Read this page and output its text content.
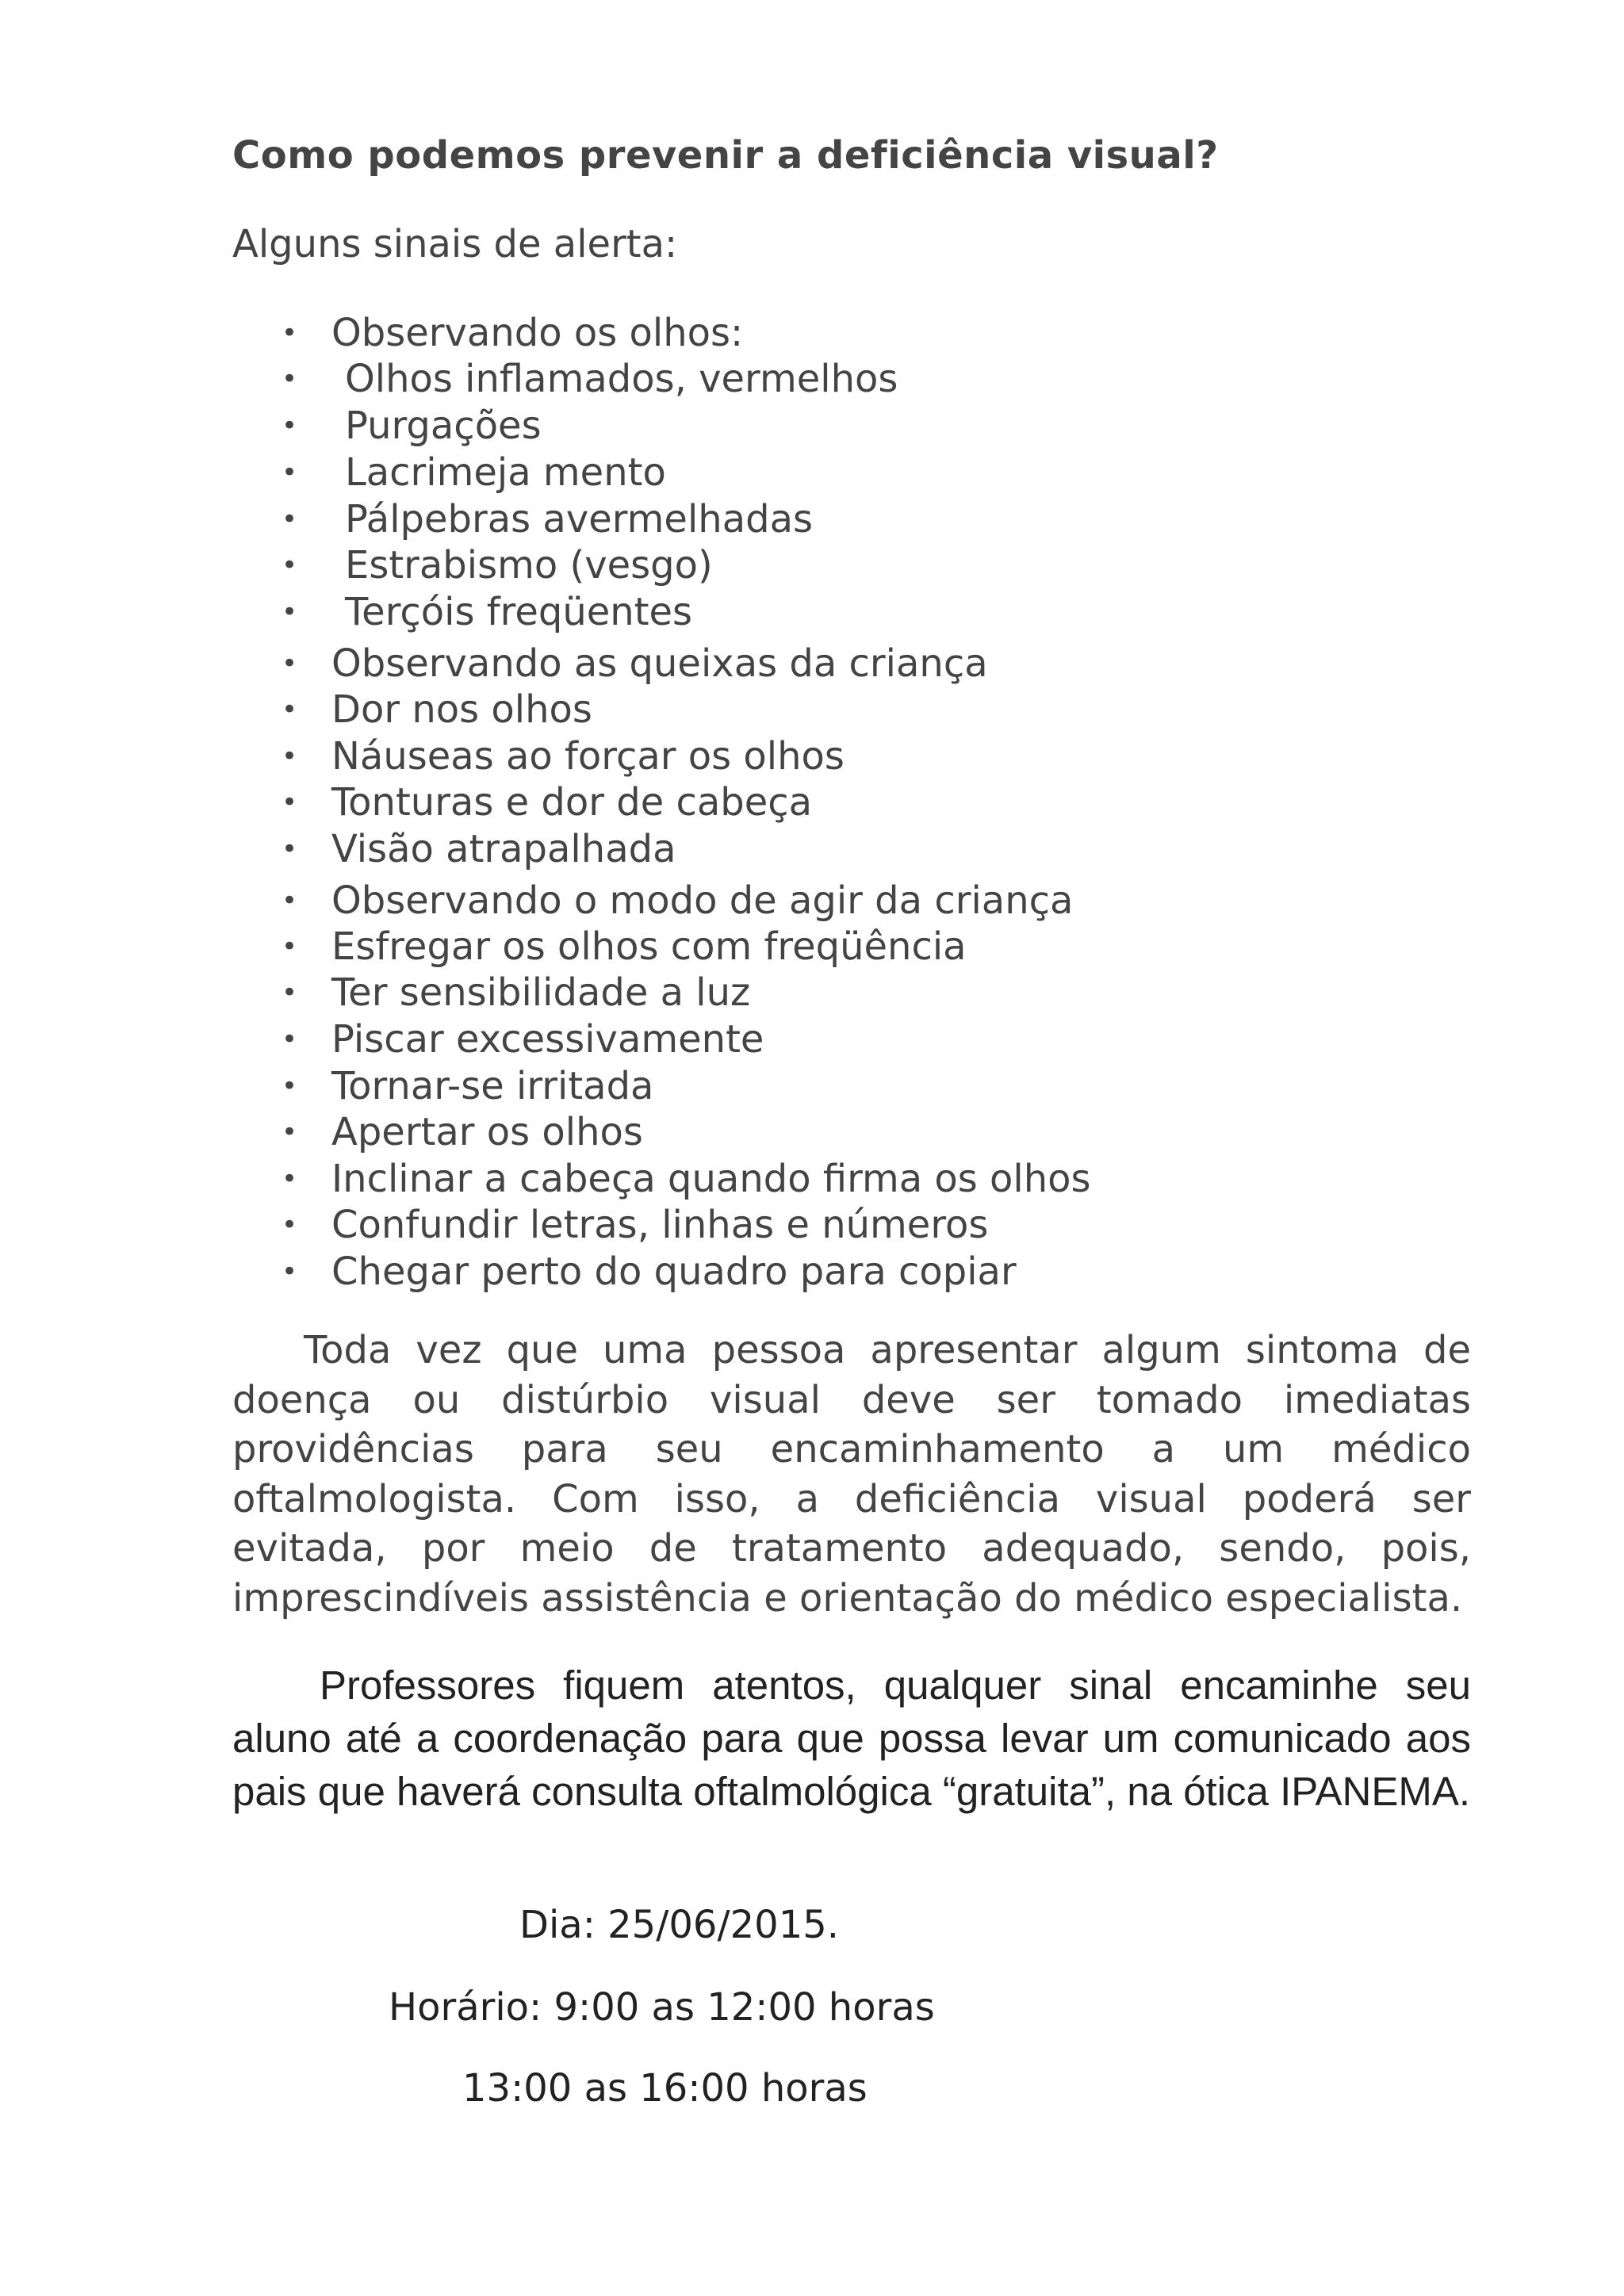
Como podemos prevenir a deficiência visual?

Alguns sinais de alerta:

• Observando os olhos:
• Olhos inflamados, vermelhos
• Purgações
• Lacrimeja mento
• Pálpebras avermelhadas
• Estrabismo (vesgo)
• Terçóis freqüentes
• Observando as queixas da criança
• Dor nos olhos
• Náuseas ao forçar os olhos
• Tonturas e dor de cabeça
• Visão atrapalhada
• Observando o modo de agir da criança
• Esfregar os olhos com freqüência
• Ter sensibilidade a luz
• Piscar excessivamente
• Tornar-se irritada
• Apertar os olhos
• Inclinar a cabeça quando firma os olhos
• Confundir letras, linhas e números
• Chegar perto do quadro para copiar

Toda vez que uma pessoa apresentar algum sintoma de doença ou distúrbio visual deve ser tomado imediatas providências para seu encaminhamento a um médico oftalmologista. Com isso, a deficiência visual poderá ser evitada, por meio de tratamento adequado, sendo, pois, imprescindíveis assistência e orientação do médico especialista.

Professores fiquem atentos, qualquer sinal encaminhe seu aluno até a coordenação para que possa levar um comunicado aos pais que haverá consulta oftalmológica “gratuita”, na ótica IPANEMA.

Dia: 25/06/2015.

Horário: 9:00 as 12:00 horas

13:00 as 16:00 horas
